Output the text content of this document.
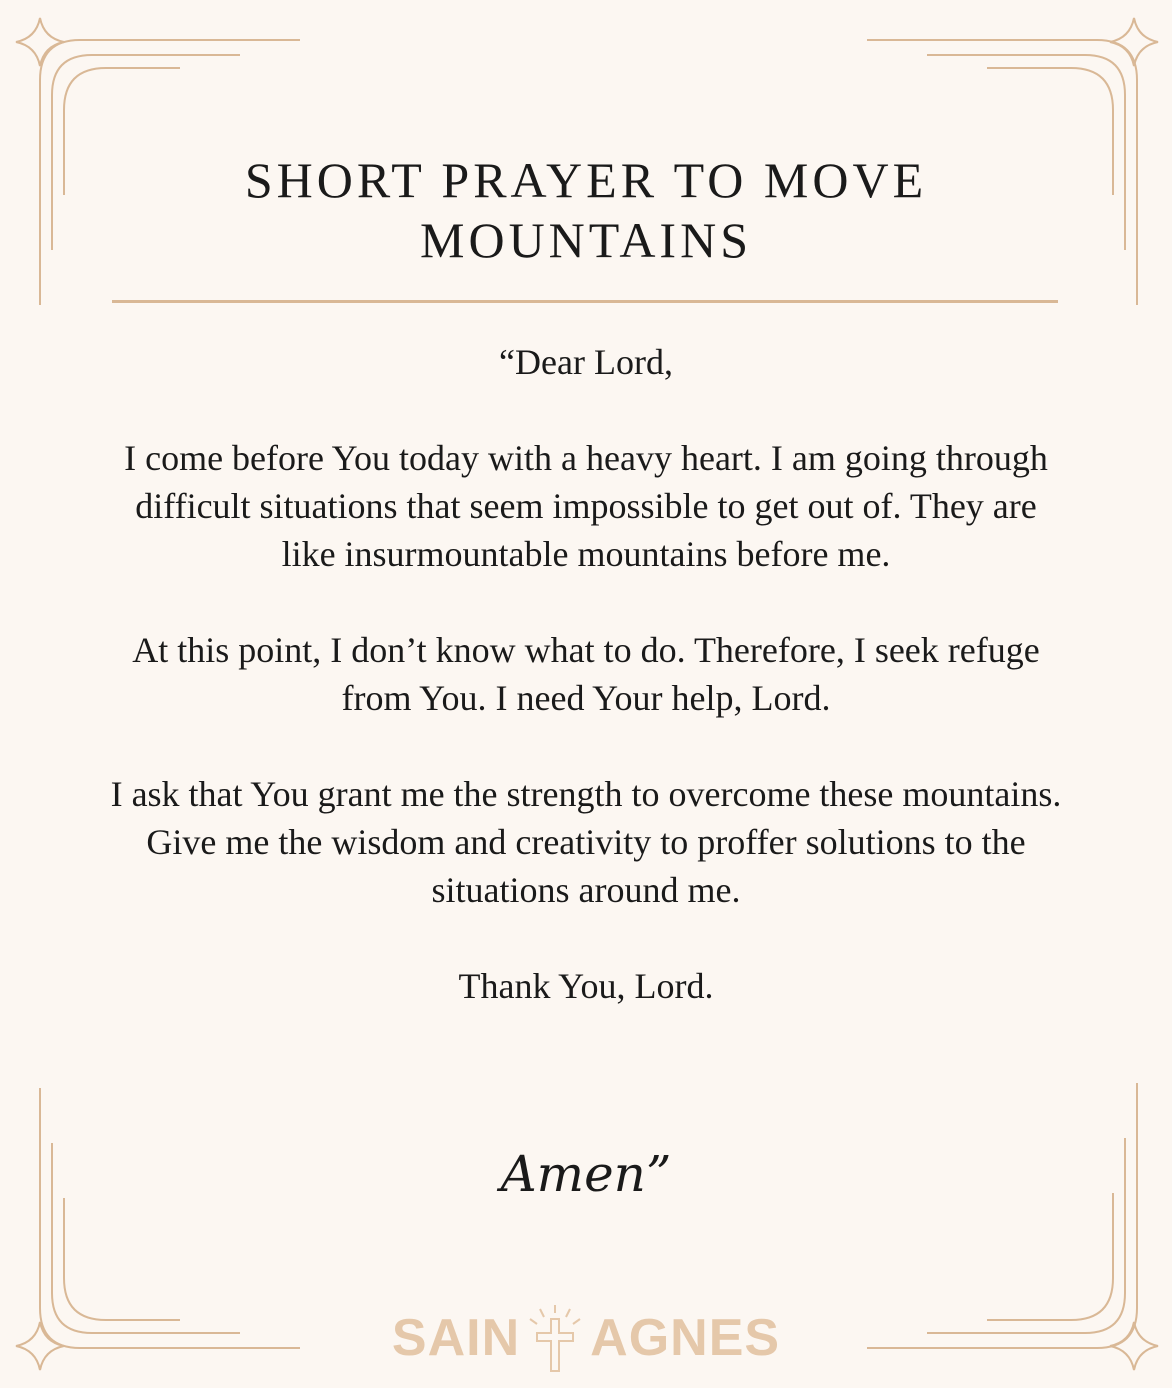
SHORT PRAYER TO MOVE
MOUNTAINS

“Dear Lord,

I come before You today with a heavy heart. I am going through difficult situations that seem impossible to get out of. They are like insurmountable mountains before me.

At this point, I don’t know what to do. Therefore, I seek refuge from You. I need Your help, Lord.

I ask that You grant me the strength to overcome these mountains. Give me the wisdom and creativity to proffer solutions to the situations around me.

Thank You, Lord.

Amen”
SAIN AGNES
